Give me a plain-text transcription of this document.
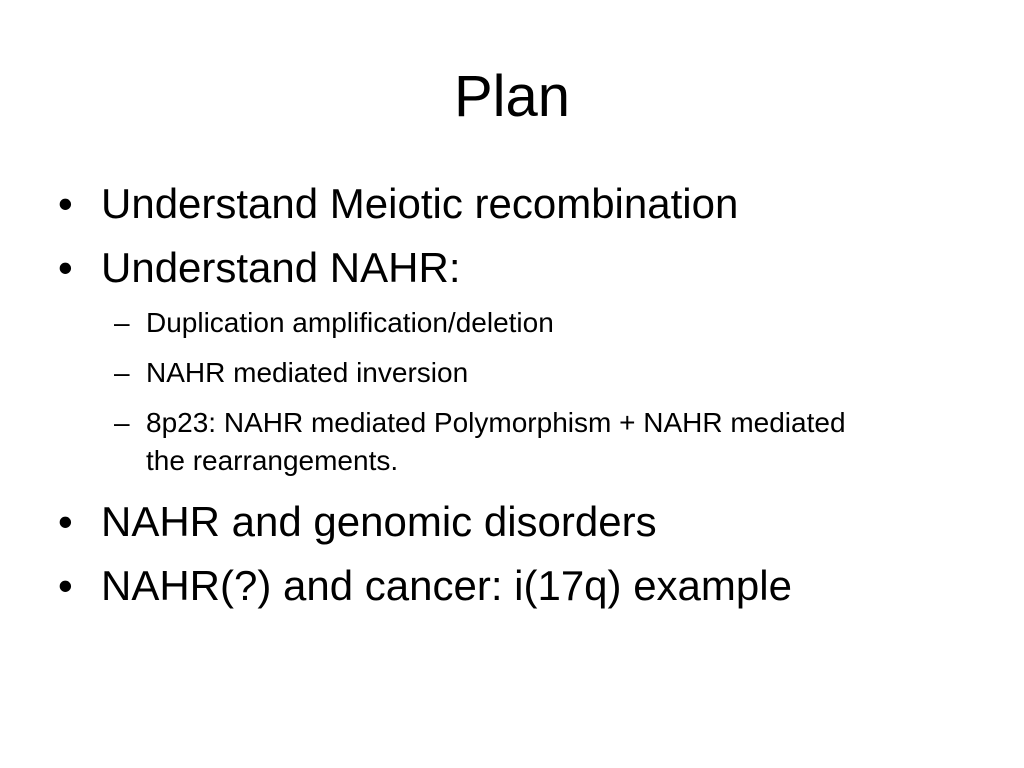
Plan
• Understand Meiotic recombination
• Understand NAHR:
– Duplication amplification/deletion
– NAHR mediated inversion
– 8p23: NAHR mediated Polymorphism + NAHR mediated the rearrangements.
• NAHR and genomic disorders
• NAHR(?) and cancer: i(17q) example
